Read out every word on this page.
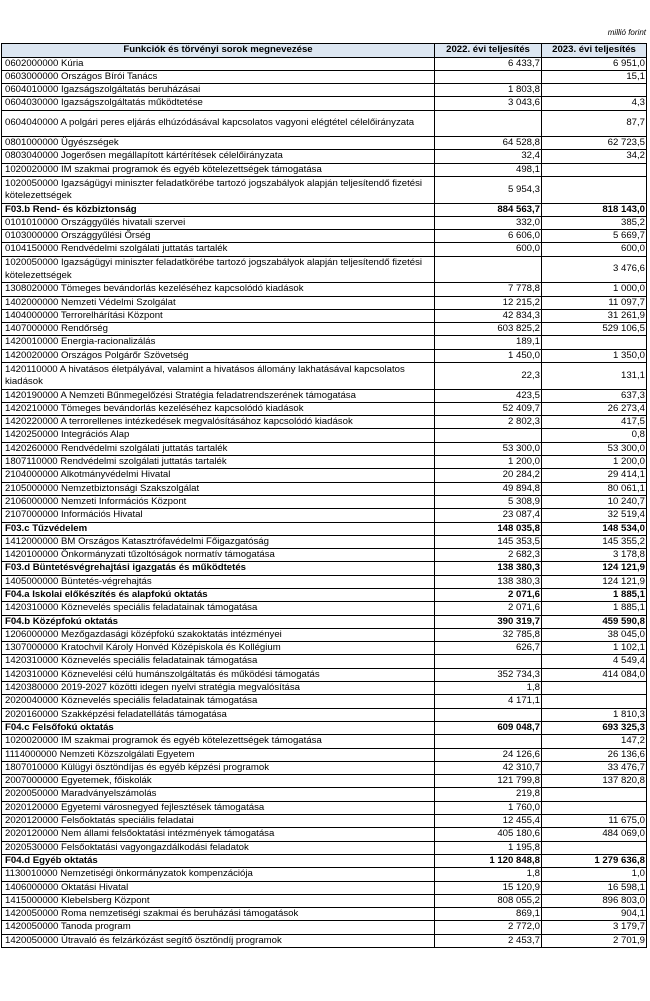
millió forint
Funkciók és törvényi sorok megnevezése	2022. évi teljesítés	2023. évi teljesítés
0602000000 Kúria	6 433,7	6 951,0
0603000000 Országos Bírói Tanács		15,1
0604010000 Igazságszolgáltatás beruházásai	1 803,8	
0604030000 Igazságszolgáltatás működtetése	3 043,6	4,3
0604040000 A polgári peres eljárás elhúzódásával kapcsolatos vagyoni elégtétel célelőirányzata		87,7
0801000000 Ügyészségek	64 528,8	62 723,5
0803040000 Jogerősen megállapított kártérítések célelőirányzata	32,4	34,2
1020020000 IM szakmai programok és egyéb kötelezettségek támogatása	498,1	
1020050000 Igazságügyi miniszter feladatkörébe tartozó jogszabályok alapján teljesítendő fizetési kötelezettségek	5 954,3	
F03.b Rend- és közbiztonság	884 563,7	818 143,0
0101010000 Országgyűlés hivatali szervei	332,0	385,2
0103000000 Országgyűlési Őrség	6 606,0	5 669,7
0104150000 Rendvédelmi szolgálati juttatás tartalék	600,0	600,0
1020050000 Igazságügyi miniszter feladatkörébe tartozó jogszabályok alapján teljesítendő fizetési kötelezettségek		3 476,6
1308020000 Tömeges bevándorlás kezeléséhez kapcsolódó kiadások	7 778,8	1 000,0
1402000000 Nemzeti Védelmi Szolgálat	12 215,2	11 097,7
1404000000 Terrorelhárítási Központ	42 834,3	31 261,9
1407000000 Rendőrség	603 825,2	529 106,5
1420010000 Energia-racionalizálás	189,1	
1420020000 Országos Polgárőr Szövetség	1 450,0	1 350,0
1420110000 A hivatásos életpályával, valamint a hivatásos állomány lakhatásával kapcsolatos kiadások	22,3	131,1
1420190000 A Nemzeti Bűnmegelőzési Stratégia feladatrendszerének támogatása	423,5	637,3
1420210000 Tömeges bevándorlás kezeléséhez kapcsolódó kiadások	52 409,7	26 273,4
1420220000 A terrorellenes intézkedések megvalósításához kapcsolódó kiadások	2 802,3	417,5
1420250000 Integrációs Alap		0,8
1420260000 Rendvédelmi szolgálati juttatás tartalék	53 300,0	53 300,0
1807110000 Rendvédelmi szolgálati juttatás tartalék	1 200,0	1 200,0
2104000000 Alkotmányvédelmi Hivatal	20 284,2	29 414,1
2105000000 Nemzetbiztonsági Szakszolgálat	49 894,8	80 061,1
2106000000 Nemzeti Információs Központ	5 308,9	10 240,7
2107000000 Információs Hivatal	23 087,4	32 519,4
F03.c Tűzvédelem	148 035,8	148 534,0
1412000000 BM Országos Katasztrófavédelmi Főigazgatóság	145 353,5	145 355,2
1420100000 Önkormányzati tűzoltóságok normatív támogatása	2 682,3	3 178,8
F03.d Büntetésvégrehajtási igazgatás és működtetés	138 380,3	124 121,9
1405000000 Büntetés-végrehajtás	138 380,3	124 121,9
F04.a Iskolai előkészítés és alapfokú oktatás	2 071,6	1 885,1
1420310000 Köznevelés speciális feladatainak támogatása	2 071,6	1 885,1
F04.b Középfokú oktatás	390 319,7	459 590,8
1206000000 Mezőgazdasági középfokú szakoktatás intézményei	32 785,8	38 045,0
1307000000 Kratochvil Károly Honvéd Középiskola és Kollégium	626,7	1 102,1
1420310000 Köznevelés speciális feladatainak támogatása		4 549,4
1420310000 Köznevelési célú humánszolgáltatás és működési támogatás	352 734,3	414 084,0
1420380000 2019-2027 közötti idegen nyelvi stratégia megvalósítása	1,8	
2020040000 Köznevelés speciális feladatainak támogatása	4 171,1	
2020160000 Szakképzési feladatellátás támogatása		1 810,3
F04.c Felsőfokú oktatás	609 048,7	693 325,3
1020020000 IM szakmai programok és egyéb kötelezettségek támogatása		147,2
1114000000 Nemzeti Közszolgálati Egyetem	24 126,6	26 136,6
1807010000 Külügyi ösztöndíjas és egyéb képzési programok	42 310,7	33 476,7
2007000000 Egyetemek, főiskolák	121 799,8	137 820,8
2020050000 Maradványelszámolás	219,8	
2020120000 Egyetemi városnegyed fejlesztések támogatása	1 760,0	
2020120000 Felsőoktatás speciális feladatai	12 455,4	11 675,0
2020120000 Nem állami felsőoktatási intézmények támogatása	405 180,6	484 069,0
2020530000 Felsőoktatási vagyongazdálkodási feladatok	1 195,8	
F04.d Egyéb oktatás	1 120 848,8	1 279 636,8
1130010000 Nemzetiségi önkormányzatok kompenzációja	1,8	1,0
1406000000 Oktatási Hivatal	15 120,9	16 598,1
1415000000 Klebelsberg Központ	808 055,2	896 803,0
1420050000 Roma nemzetiségi szakmai és beruházási támogatások	869,1	904,1
1420050000 Tanoda program	2 772,0	3 179,7
1420050000 Útravaló és felzárkózást segítő ösztöndíj programok	2 453,7	2 701,9
